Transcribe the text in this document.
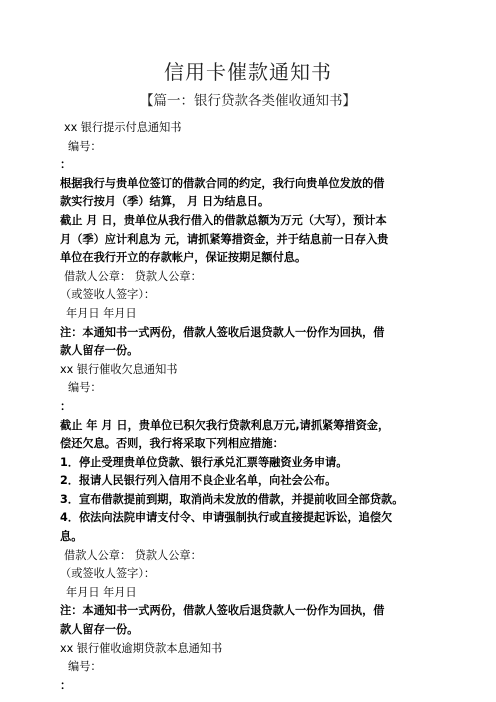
信用卡催款通知书
【篇一：银行贷款各类催收通知书】
xx 银行提示付息通知书
编号：
：
根据我行与贵单位签订的借款合同的约定，我行向贵单位发放的借
款实行按月（季）结算， 月 日为结息日。
截止 月 日，贵单位从我行借入的借款总额为万元（大写），预计本
月（季）应计利息为 元，请抓紧筹措资金，并于结息前一日存入贵
单位在我行开立的存款帐户，保证按期足额付息。
借款人公章： 贷款人公章：
（或签收人签字）：
年月日 年月日
注：本通知书一式两份，借款人签收后退贷款人一份作为回执，借
款人留存一份。
xx 银行催收欠息通知书
编号：
：
截止 年 月 日，贵单位已积欠我行贷款利息万元,请抓紧筹措资金，
偿还欠息。否则，我行将采取下列相应措施：
1．停止受理贵单位贷款、银行承兑汇票等融资业务申请。
2．报请人民银行列入信用不良企业名单，向社会公布。
3．宣布借款提前到期，取消尚未发放的借款，并提前收回全部贷款。
4．依法向法院申请支付令、申请强制执行或直接提起诉讼，追偿欠
息。
借款人公章： 贷款人公章：
（或签收人签字）：
年月日 年月日
注：本通知书一式两份，借款人签收后退贷款人一份作为回执，借
款人留存一份。
xx 银行催收逾期贷款本息通知书
编号：
：
